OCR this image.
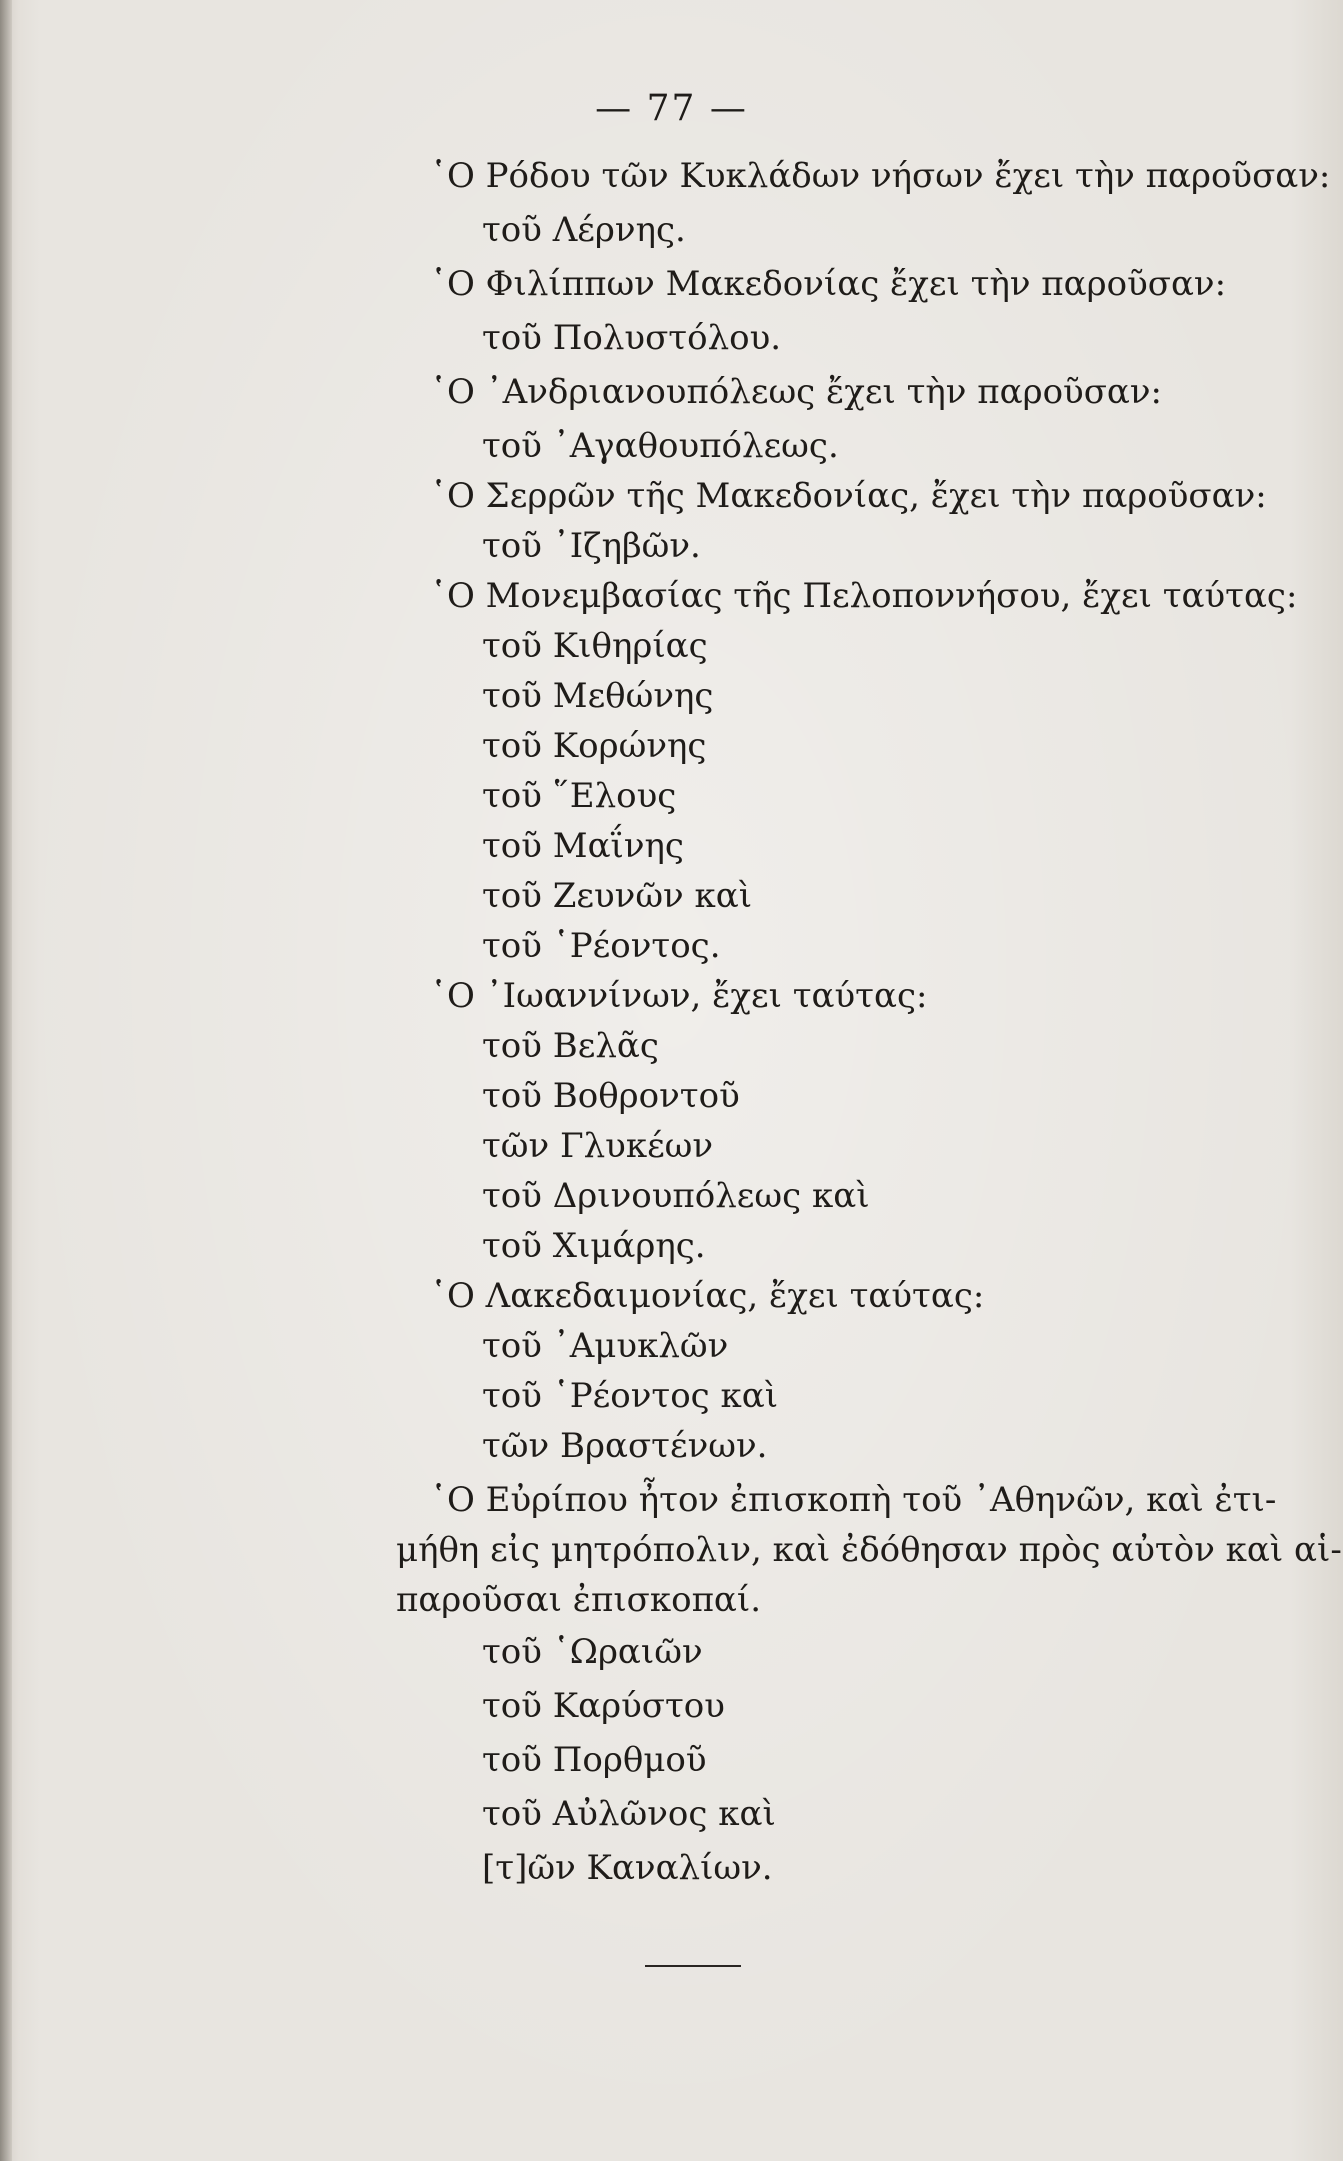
— 77 —
῾Ο Ρόδου τῶν Κυκλάδων νήσων ἔχει τὴν παροῦσαν:
τοῦ Λέρνης.
῾Ο Φιλίππων Μακεδονίας ἔχει τὴν παροῦσαν:
τοῦ Πολυστόλου.
῾Ο ᾿Ανδριανουπόλεως ἔχει τὴν παροῦσαν:
τοῦ ᾿Αγαθουπόλεως.
῾Ο Σερρῶν τῆς Μακεδονίας, ἔχει τὴν παροῦσαν:
τοῦ ᾿Ιζηβῶν.
῾Ο Μονεμβασίας τῆς Πελοποννήσου, ἔχει ταύτας:
τοῦ Κιθηρίας
τοῦ Μεθώνης
τοῦ Κορώνης
τοῦ ῞Ελους
τοῦ Μαΐνης
τοῦ Ζευνῶν καὶ
τοῦ ῾Ρέοντος.
῾Ο ᾿Ιωαννίνων, ἔχει ταύτας:
τοῦ Βελᾶς
τοῦ Βοθροντοῦ
τῶν Γλυκέων
τοῦ Δρινουπόλεως καὶ
τοῦ Χιμάρης.
῾Ο Λακεδαιμονίας, ἔχει ταύτας:
τοῦ ᾿Αμυκλῶν
τοῦ ῾Ρέοντος καὶ
τῶν Βραστένων.
῾Ο Εὐρίπου ἦτον ἐπισκοπὴ τοῦ ᾿Αθηνῶν, καὶ ἐτι-
μήθη εἰς μητρόπολιν, καὶ ἐδόθησαν πρὸς αὐτὸν καὶ αἱ-
παροῦσαι ἐπισκοπαί.
τοῦ ῾Ωραιῶν
τοῦ Καρύστου
τοῦ Πορθμοῦ
τοῦ Αὐλῶνος καὶ
[τ]ῶν Καναλίων.
